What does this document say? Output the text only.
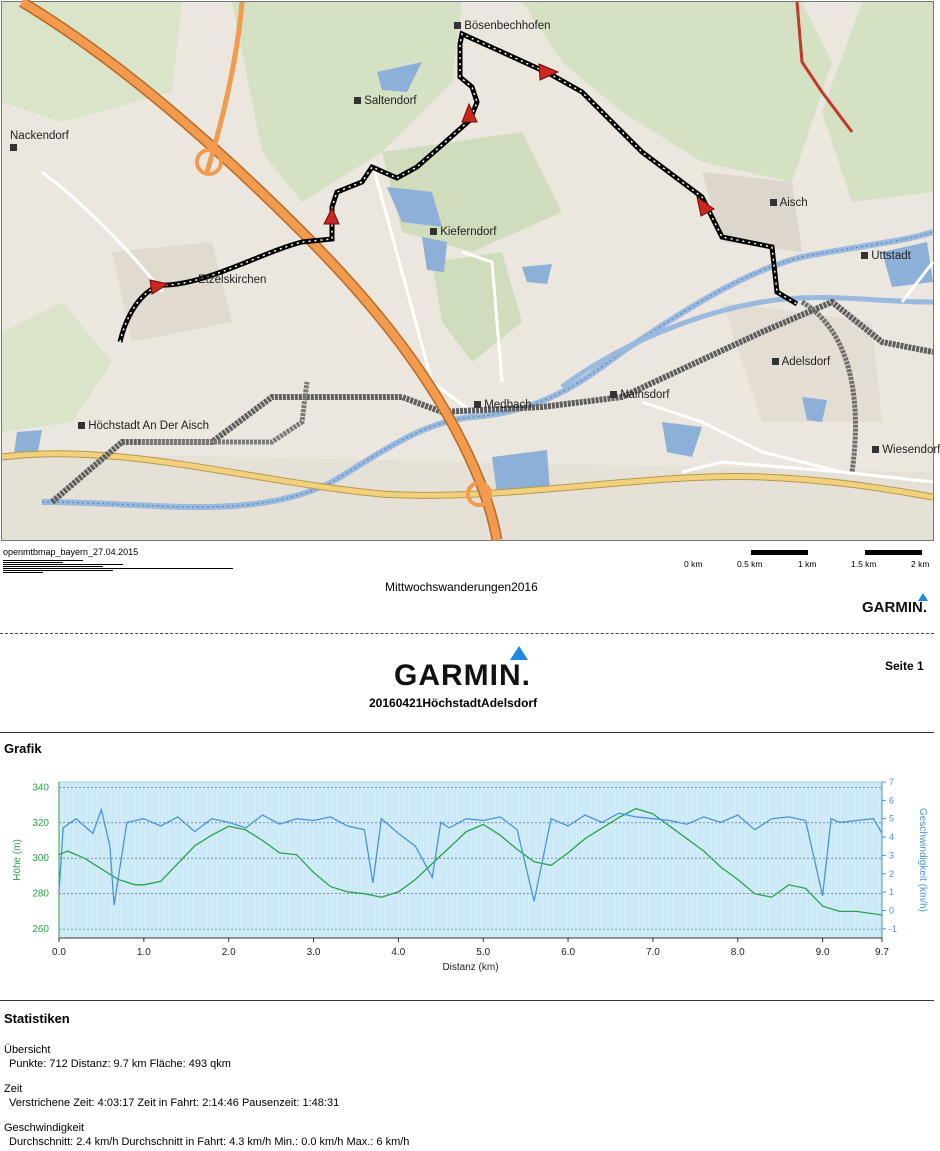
Bösenbechhofen
Saltendorf
Nackendorf

Aisch
Uttstadt
Kieferndorf
Etzelskirchen
Adelsdorf
Nainsdorf
Medbach
Höchstadt An Der Aisch
Wiesendorf
openmtbmap_bayern_27.04.2015
Mittwochswanderungen2016
0 km	0.5 km	1 km	1.5 km	2 km
GARMIN.
GARMIN.	Seite 1
20160421HöchstadtAdelsdorf
Grafik
260
280
300
320
340
-1
0
1
2
3
4
5
6
7
0.0	1.0	2.0	3.0	4.0	5.0	6.0	7.0	8.0	9.0	9.7
Distanz (km)
Höhe (m)	Geschwindigkeit (km/h)
Statistiken
Übersicht
Punkte: 712 Distanz: 9.7 km Fläche: 493 qkm
Zeit
Verstrichene Zeit: 4:03:17 Zeit in Fahrt: 2:14:46 Pausenzeit: 1:48:31
Geschwindigkeit
Durchschnitt: 2.4 km/h Durchschnitt in Fahrt: 4.3 km/h Min.: 0.0 km/h Max.: 6 km/h
